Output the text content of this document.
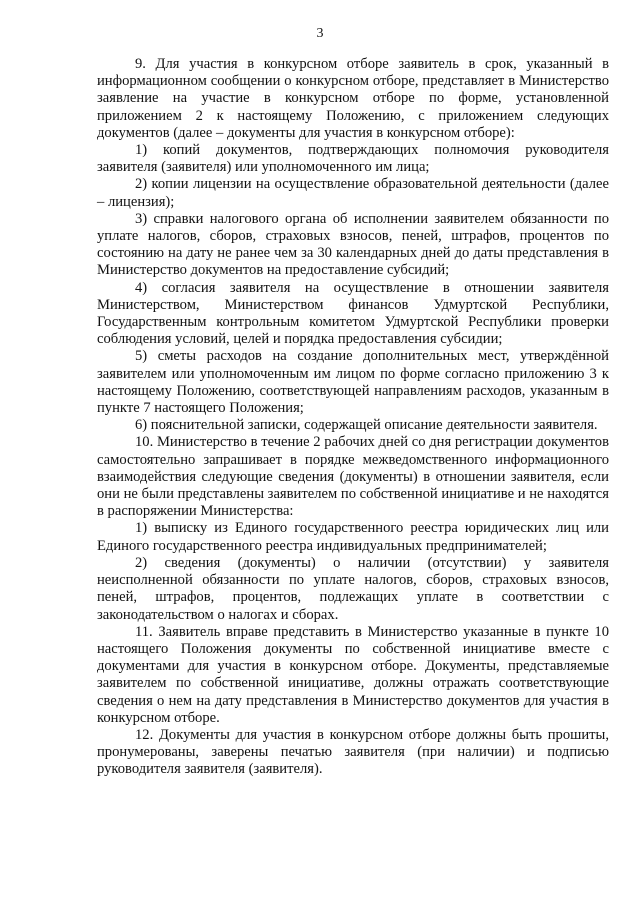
3

9. Для участия в конкурсном отборе заявитель в срок, указанный в информационном сообщении о конкурсном отборе, представляет в Министерство заявление на участие в конкурсном отборе по форме, установленной приложением 2 к настоящему Положению, с приложением следующих документов (далее – документы для участия в конкурсном отборе):

1) копий документов, подтверждающих полномочия руководителя заявителя (заявителя) или уполномоченного им лица;

2) копии лицензии на осуществление образовательной деятельности (далее – лицензия);

3) справки налогового органа об исполнении заявителем обязанности по уплате налогов, сборов, страховых взносов, пеней, штрафов, процентов по состоянию на дату не ранее чем за 30 календарных дней до даты представления в Министерство документов на предоставление субсидий;

4) согласия заявителя на осуществление в отношении заявителя Министерством, Министерством финансов Удмуртской Республики, Государственным контрольным комитетом Удмуртской Республики проверки соблюдения условий, целей и порядка предоставления субсидии;

5) сметы расходов на создание дополнительных мест, утверждённой заявителем или уполномоченным им лицом по форме согласно приложению 3 к настоящему Положению, соответствующей направлениям расходов, указанным в пункте 7 настоящего Положения;

6) пояснительной записки, содержащей описание деятельности заявителя.

10. Министерство в течение 2 рабочих дней со дня регистрации документов самостоятельно запрашивает в порядке межведомственного информационного взаимодействия следующие сведения (документы) в отношении заявителя, если они не были представлены заявителем по собственной инициативе и не находятся в распоряжении Министерства:

1) выписку из Единого государственного реестра юридических лиц или Единого государственного реестра индивидуальных предпринимателей;

2) сведения (документы) о наличии (отсутствии) у заявителя неисполненной обязанности по уплате налогов, сборов, страховых взносов, пеней, штрафов, процентов, подлежащих уплате в соответствии с законодательством о налогах и сборах.

11. Заявитель вправе представить в Министерство указанные в пункте 10 настоящего Положения документы по собственной инициативе вместе с документами для участия в конкурсном отборе. Документы, представляемые заявителем по собственной инициативе, должны отражать соответствующие сведения о нем на дату представления в Министерство документов для участия в конкурсном отборе.

12. Документы для участия в конкурсном отборе должны быть прошиты, пронумерованы, заверены печатью заявителя (при наличии) и подписью руководителя заявителя (заявителя).
